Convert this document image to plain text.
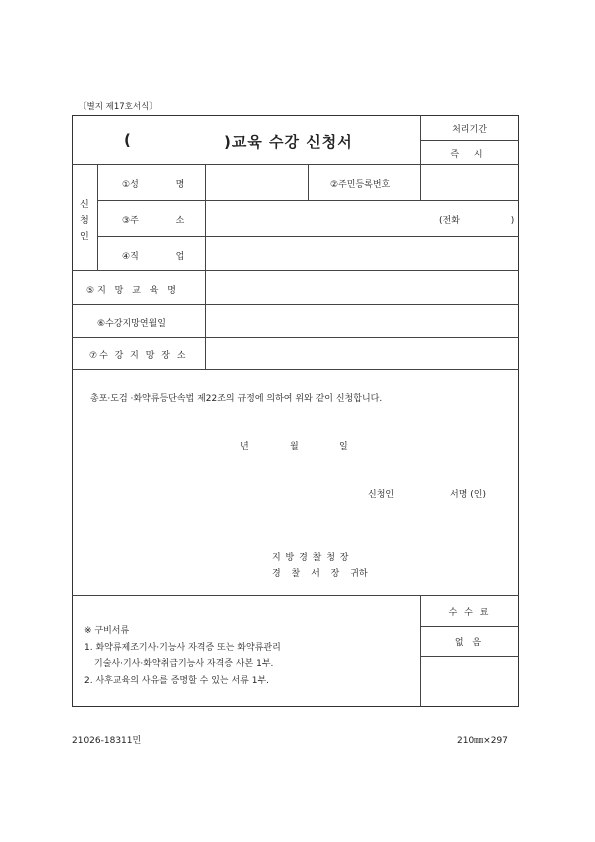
〔별지 제17호서식〕
(	)교육 수강 신청서
처리기간
즉 시
신
청
인
①성 명	②주민등록번호
③주 소	(전화 )
④직 업
⑤지 망 교 육 명
⑥수강지망연월일
⑦수 강 지 망 장 소
총포·도검 ·화약류등단속법 제22조의 규정에 의하여 위와 같이 신청합니다.
년	월	일
신청인	서명 (인)
지 방 경 찰 청 장
경 찰 서 장 귀하
※ 구비서류
1. 화약류제조기사·기능사 자격증 또는 화약류관리
기술사·기사·화약취급기능사 자격증 사본 1부.
2. 사후교육의 사유를 증명할 수 있는 서류 1부.
수 수 료
없 음
21026-18311민	210㎜×297
